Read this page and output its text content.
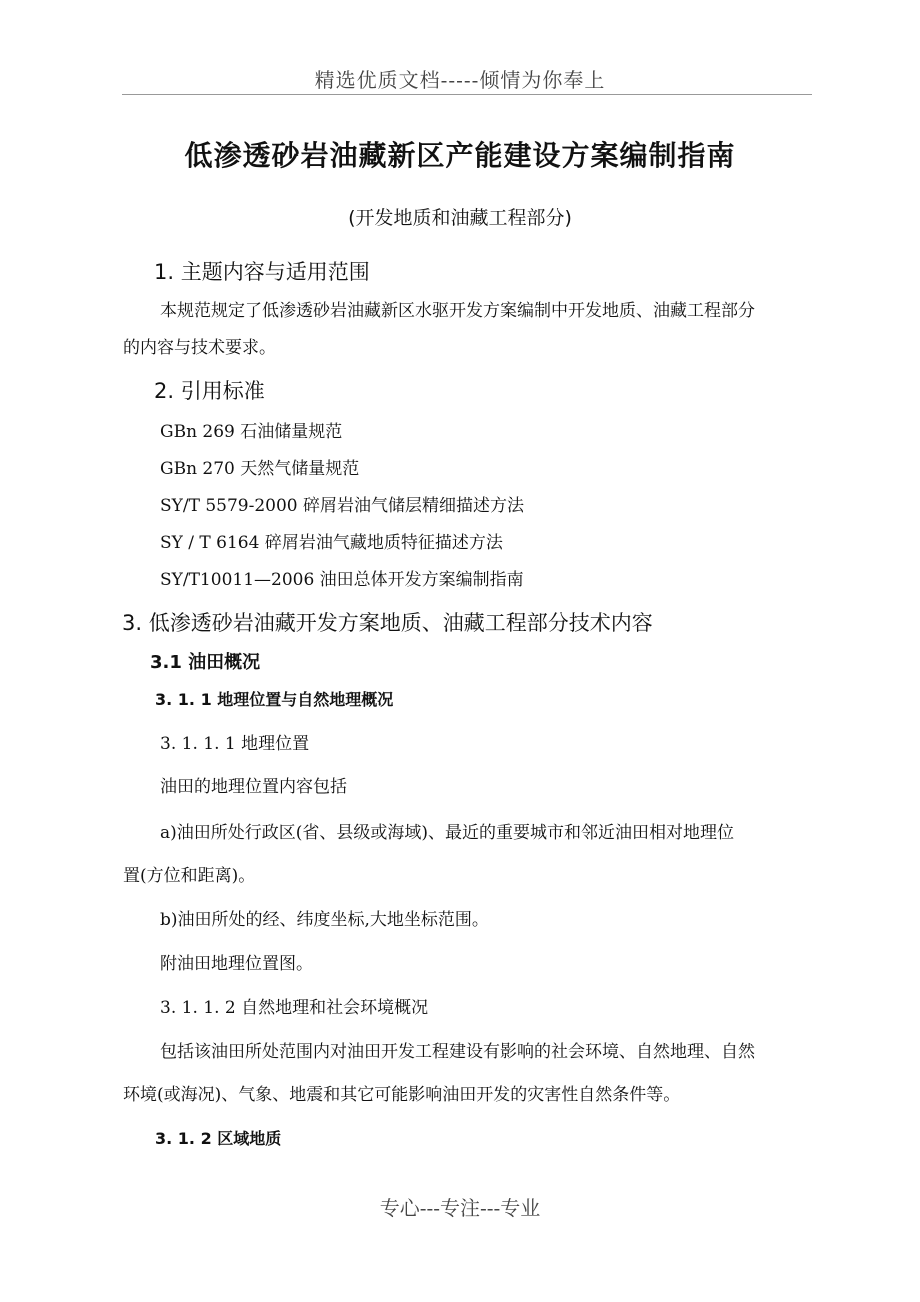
精选优质文档-----倾情为你奉上
低渗透砂岩油藏新区产能建设方案编制指南
(开发地质和油藏工程部分)
1. 主题内容与适用范围
本规范规定了低渗透砂岩油藏新区水驱开发方案编制中开发地质、油藏工程部分
的内容与技术要求。
2. 引用标准
GBn 269 石油储量规范
GBn 270 天然气储量规范
SY/T 5579-2000 碎屑岩油气储层精细描述方法
SY / T 6164 碎屑岩油气藏地质特征描述方法
SY/T10011—2006 油田总体开发方案编制指南
3. 低渗透砂岩油藏开发方案地质、油藏工程部分技术内容
3.1 油田概况
3. 1. 1 地理位置与自然地理概况
3. 1. 1. 1 地理位置
油田的地理位置内容包括
a)油田所处行政区(省、县级或海域)、最近的重要城市和邻近油田相对地理位
置(方位和距离)。
b)油田所处的经、纬度坐标,大地坐标范围。
附油田地理位置图。
3. 1. 1. 2 自然地理和社会环境概况
包括该油田所处范围内对油田开发工程建设有影响的社会环境、自然地理、自然
环境(或海况)、气象、地震和其它可能影响油田开发的灾害性自然条件等。
3. 1. 2 区域地质
专心---专注---专业
